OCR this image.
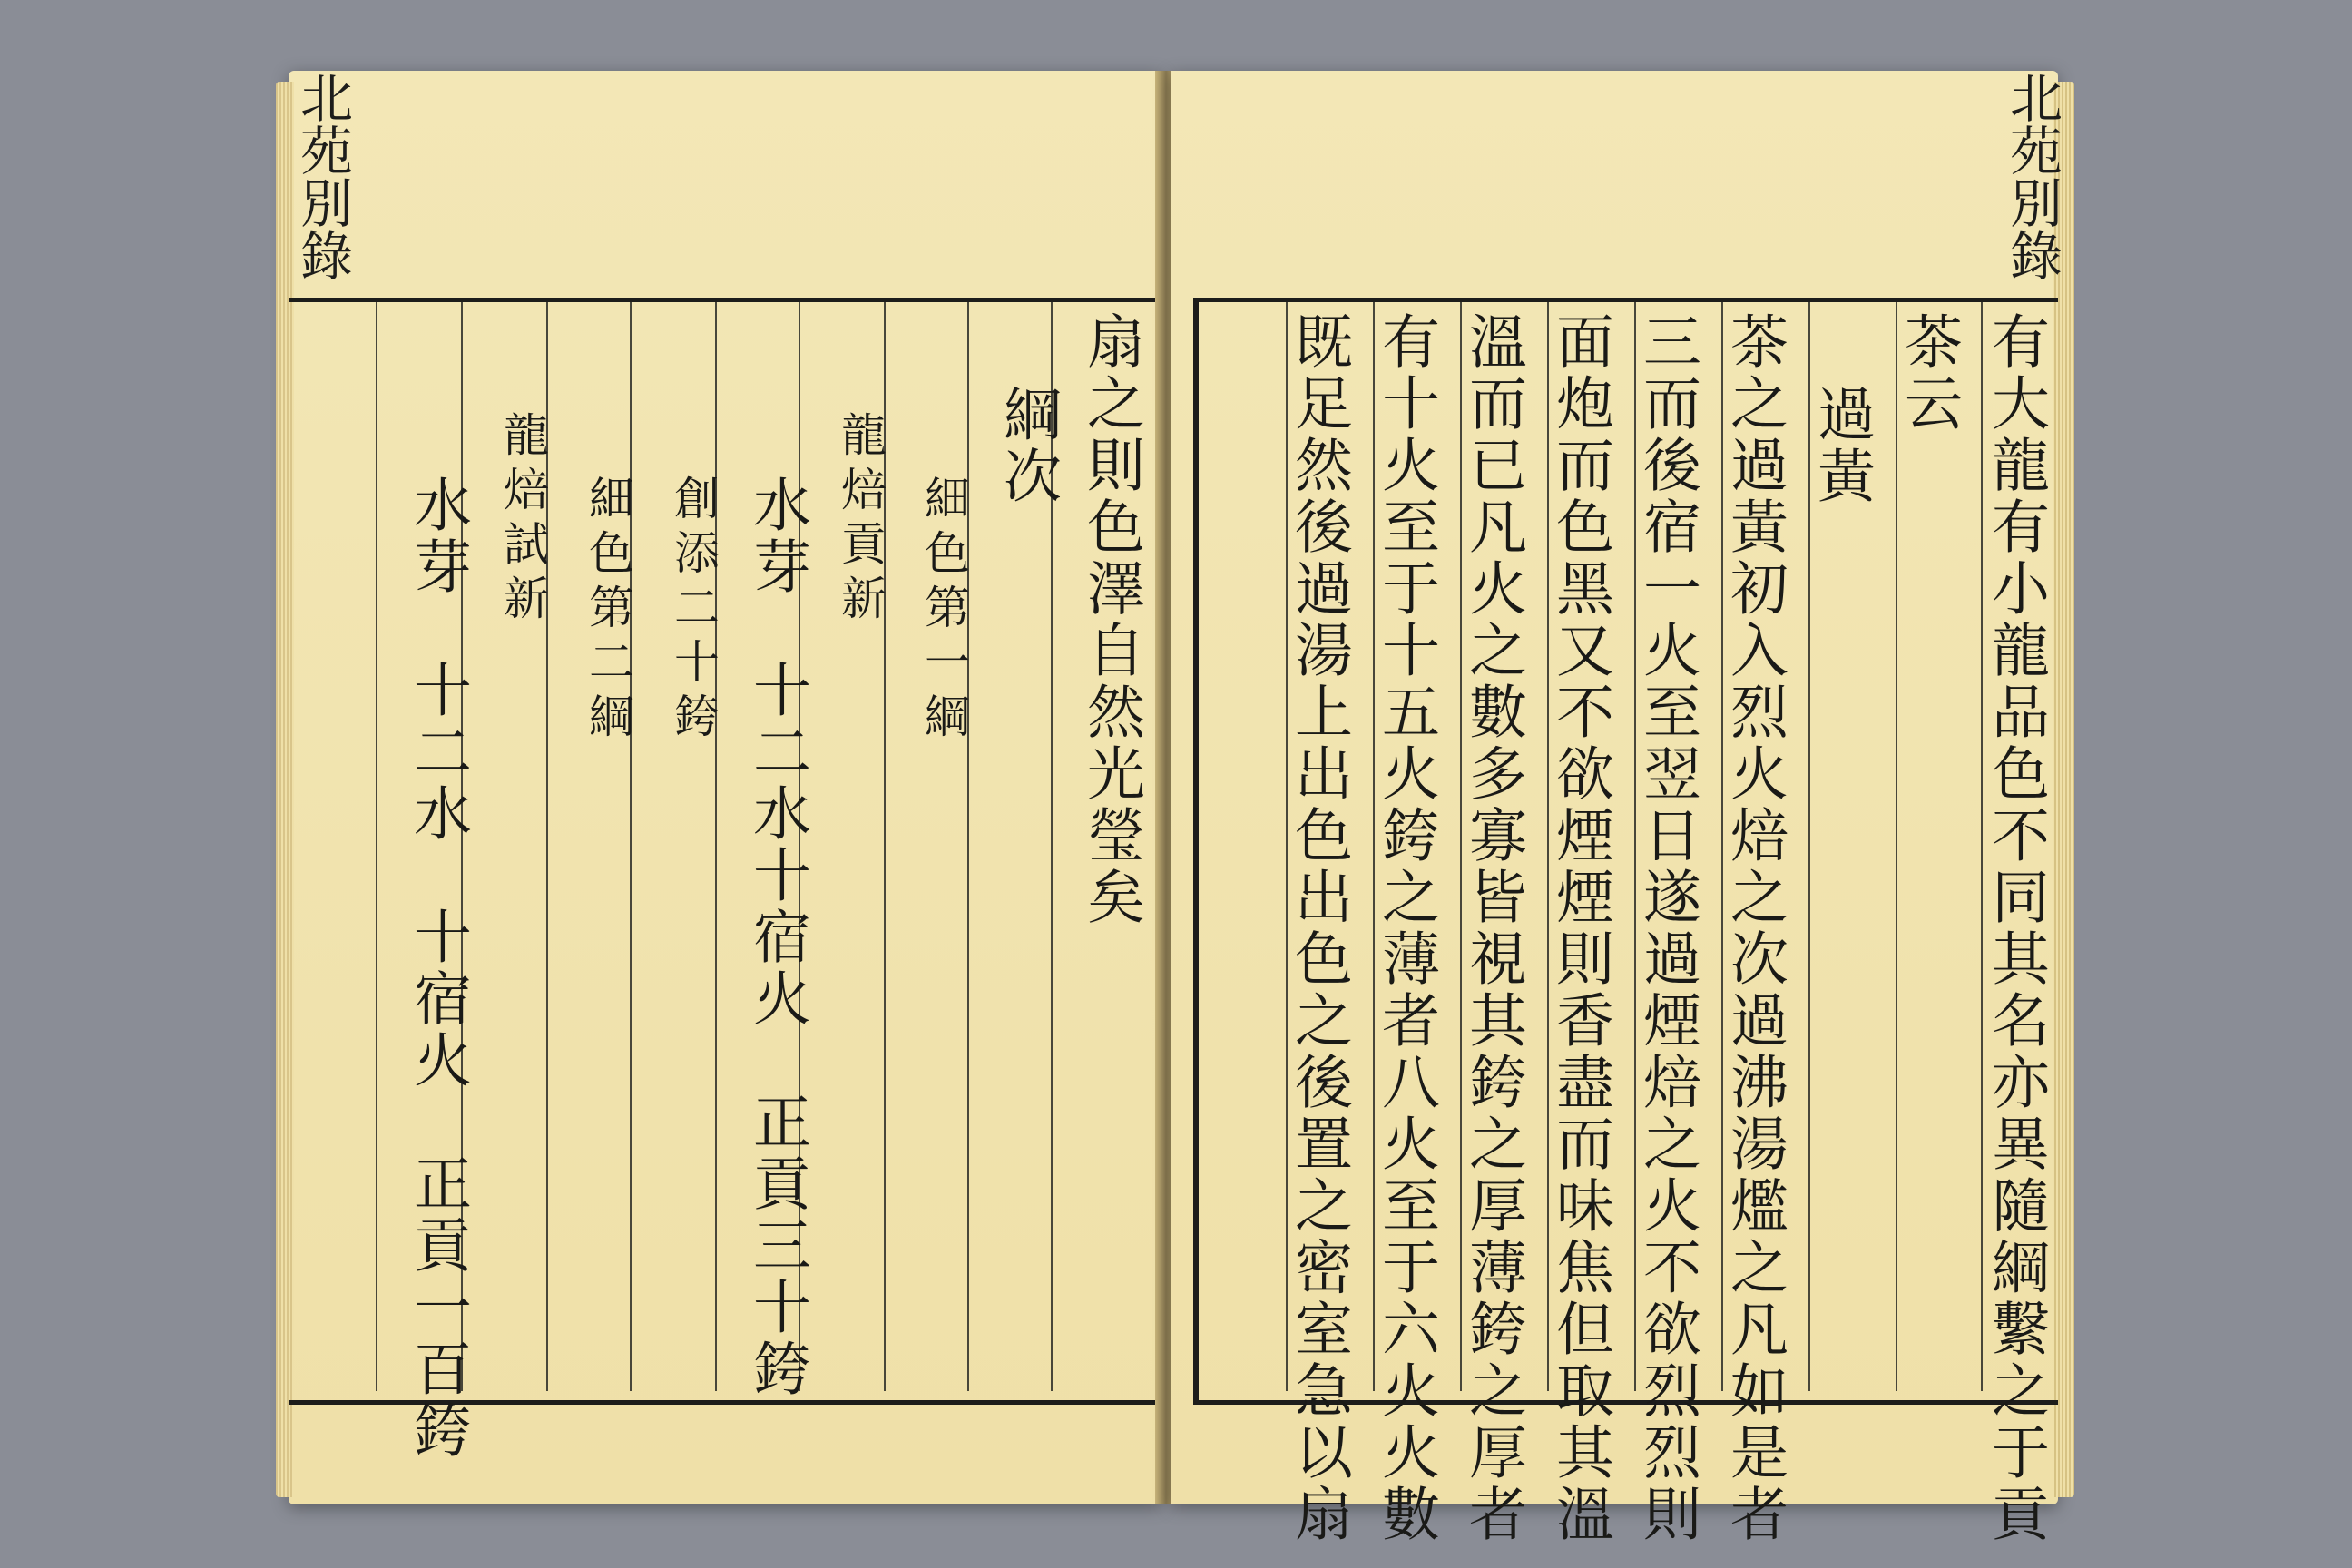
北苑別錄
扇之則色澤自然光瑩矣
綱次
細色第一綱
龍焙貢新
水芽　十二水十宿火　正貢三十銙
創添二十銙
細色第二綱
龍焙試新
水芽　十二水　十宿火　正貢一百銙
北苑別錄
有大龍有小龍品色不同其名亦異隨綱繫之于貢
茶云
過黃
茶之過黃初入烈火焙之次過沸湯爁之凡如是者
三而後宿一火至翌日遂過煙焙之火不欲烈烈則
面炮而色黑又不欲煙煙則香盡而味焦但取其溫
溫而已凡火之數多寡皆視其銙之厚薄銙之厚者
有十火至于十五火銙之薄者八火至于六火火數
既足然後過湯上出色出色之後置之密室急以扇
